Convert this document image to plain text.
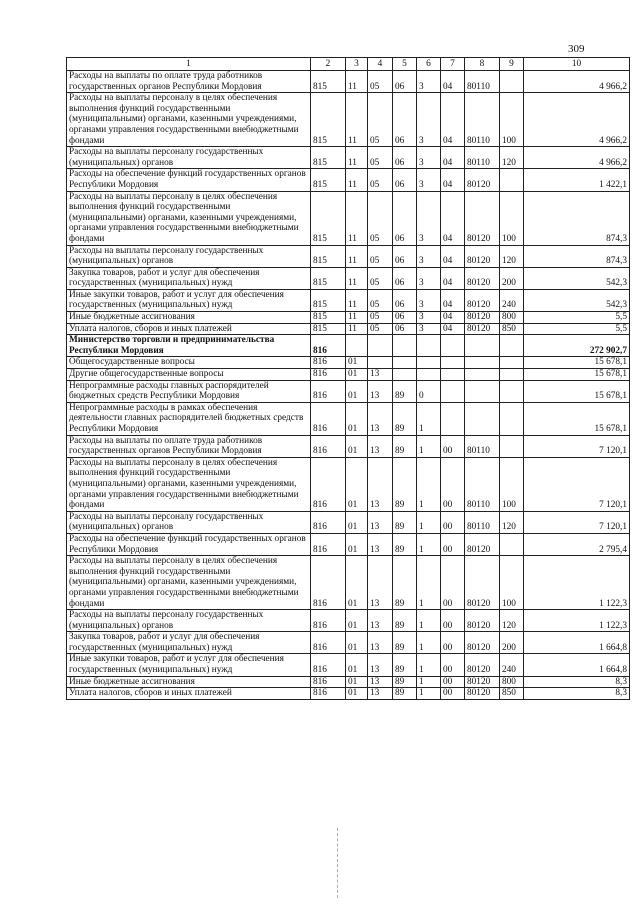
309
1	2	3	4	5	6	7	8	9	10
Расходы на выплаты по оплате труда работников государственных органов Республики Мордовия	815	11	05	06	3	04	80110		4 966,2
Расходы на выплаты персоналу в целях обеспечения выполнения функций государственными (муниципальными) органами, казенными учреждениями, органами управления государственными внебюджетными фондами	815	11	05	06	3	04	80110	100	4 966,2
Расходы на выплаты персоналу государственных (муниципальных) органов	815	11	05	06	3	04	80110	120	4 966,2
Расходы на обеспечение функций государственных органов Республики Мордовия	815	11	05	06	3	04	80120		1 422,1
Расходы на выплаты персоналу в целях обеспечения выполнения функций государственными (муниципальными) органами, казенными учреждениями, органами управления государственными внебюджетными фондами	815	11	05	06	3	04	80120	100	874,3
Расходы на выплаты персоналу государственных (муниципальных) органов	815	11	05	06	3	04	80120	120	874,3
Закупка товаров, работ и услуг для обеспечения государственных (муниципальных) нужд	815	11	05	06	3	04	80120	200	542,3
Иные закупки товаров, работ и услуг для обеспечения государственных (муниципальных) нужд	815	11	05	06	3	04	80120	240	542,3
Иные бюджетные ассигнования	815	11	05	06	3	04	80120	800	5,5
Уплата налогов, сборов и иных платежей	815	11	05	06	3	04	80120	850	5,5
Министерство торговли и предпринимательства Республики Мордовия	816								272 902,7
Общегосударственные вопросы	816	01							15 678,1
Другие общегосударственные вопросы	816	01	13						15 678,1
Непрограммные расходы главных распорядителей бюджетных средств Республики Мордовия	816	01	13	89	0				15 678,1
Непрограммные расходы в рамках обеспечения деятельности главных распорядителей бюджетных средств Республики Мордовия	816	01	13	89	1				15 678,1
Расходы на выплаты по оплате труда работников государственных органов Республики Мордовия	816	01	13	89	1	00	80110		7 120,1
Расходы на выплаты персоналу в целях обеспечения выполнения функций государственными (муниципальными) органами, казенными учреждениями, органами управления государственными внебюджетными фондами	816	01	13	89	1	00	80110	100	7 120,1
Расходы на выплаты персоналу государственных (муниципальных) органов	816	01	13	89	1	00	80110	120	7 120,1
Расходы на обеспечение функций государственных органов Республики Мордовия	816	01	13	89	1	00	80120		2 795,4
Расходы на выплаты персоналу в целях обеспечения выполнения функций государственными (муниципальными) органами, казенными учреждениями, органами управления государственными внебюджетными фондами	816	01	13	89	1	00	80120	100	1 122,3
Расходы на выплаты персоналу государственных (муниципальных) органов	816	01	13	89	1	00	80120	120	1 122,3
Закупка товаров, работ и услуг для обеспечения государственных (муниципальных) нужд	816	01	13	89	1	00	80120	200	1 664,8
Иные закупки товаров, работ и услуг для обеспечения государственных (муниципальных) нужд	816	01	13	89	1	00	80120	240	1 664,8
Иные бюджетные ассигнования	816	01	13	89	1	00	80120	800	8,3
Уплата налогов, сборов и иных платежей	816	01	13	89	1	00	80120	850	8,3
